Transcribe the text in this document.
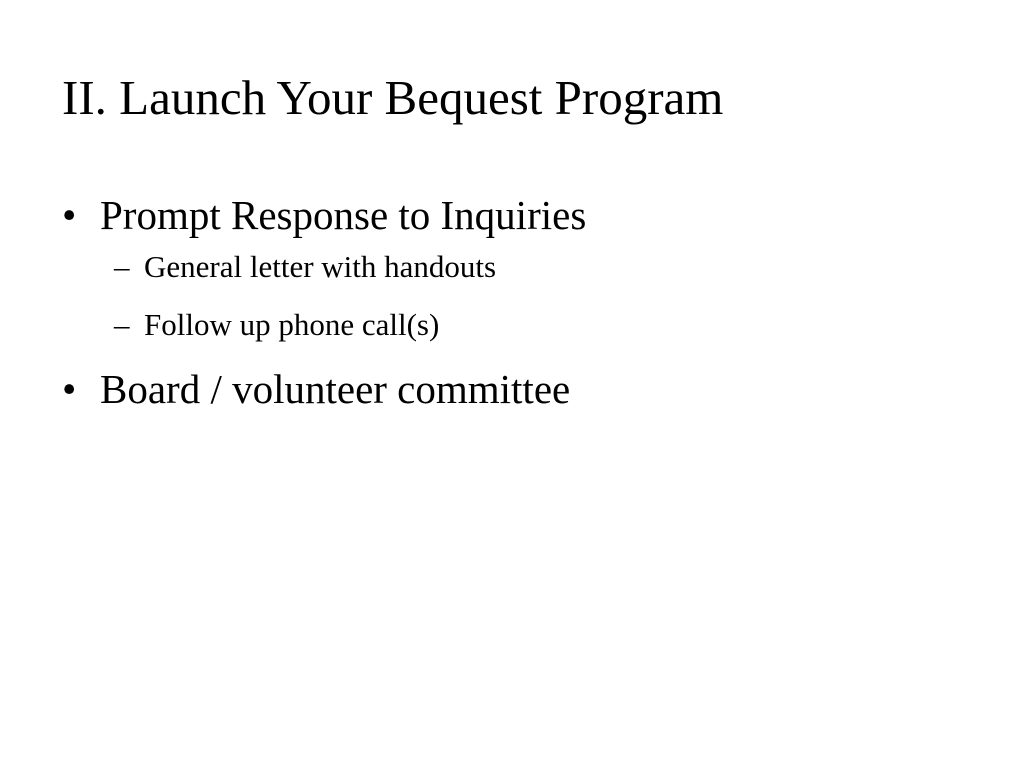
II. Launch Your Bequest Program
• Prompt Response to Inquiries
– General letter with handouts
– Follow up phone call(s)
• Board / volunteer committee
